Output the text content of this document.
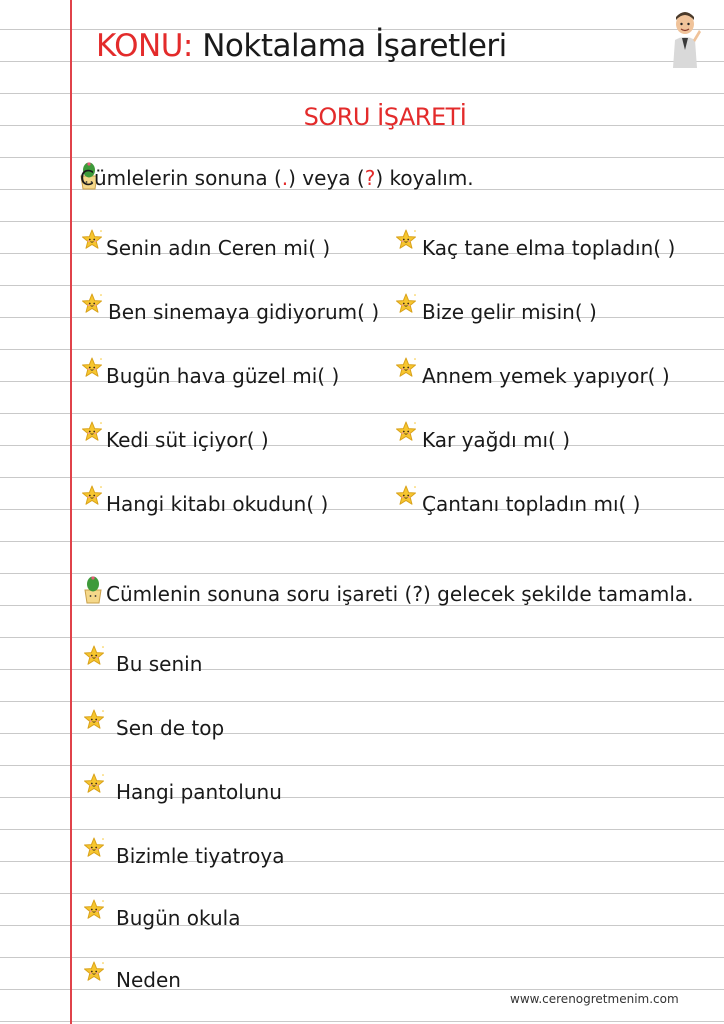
KONU: Noktalama İşaretleri
SORU İŞARETİ
Cümlelerin sonuna (.) veya (?) koyalım.
Senin adın Ceren mi( )
Ben sinemaya gidiyorum( )
Bugün hava güzel mi( )
Kedi süt içiyor( )
Hangi kitabı okudun( )
Kaç tane elma topladın( )
Bize gelir misin( )
Annem yemek yapıyor( )
Kar yağdı mı( )
Çantanı topladın mı( )
Cümlenin sonuna soru işareti (?) gelecek şekilde tamamla.
Bu senin
Sen de top
Hangi pantolunu
Bizimle tiyatroya
Bugün okula
Neden
www.cerenogretmenim.com
